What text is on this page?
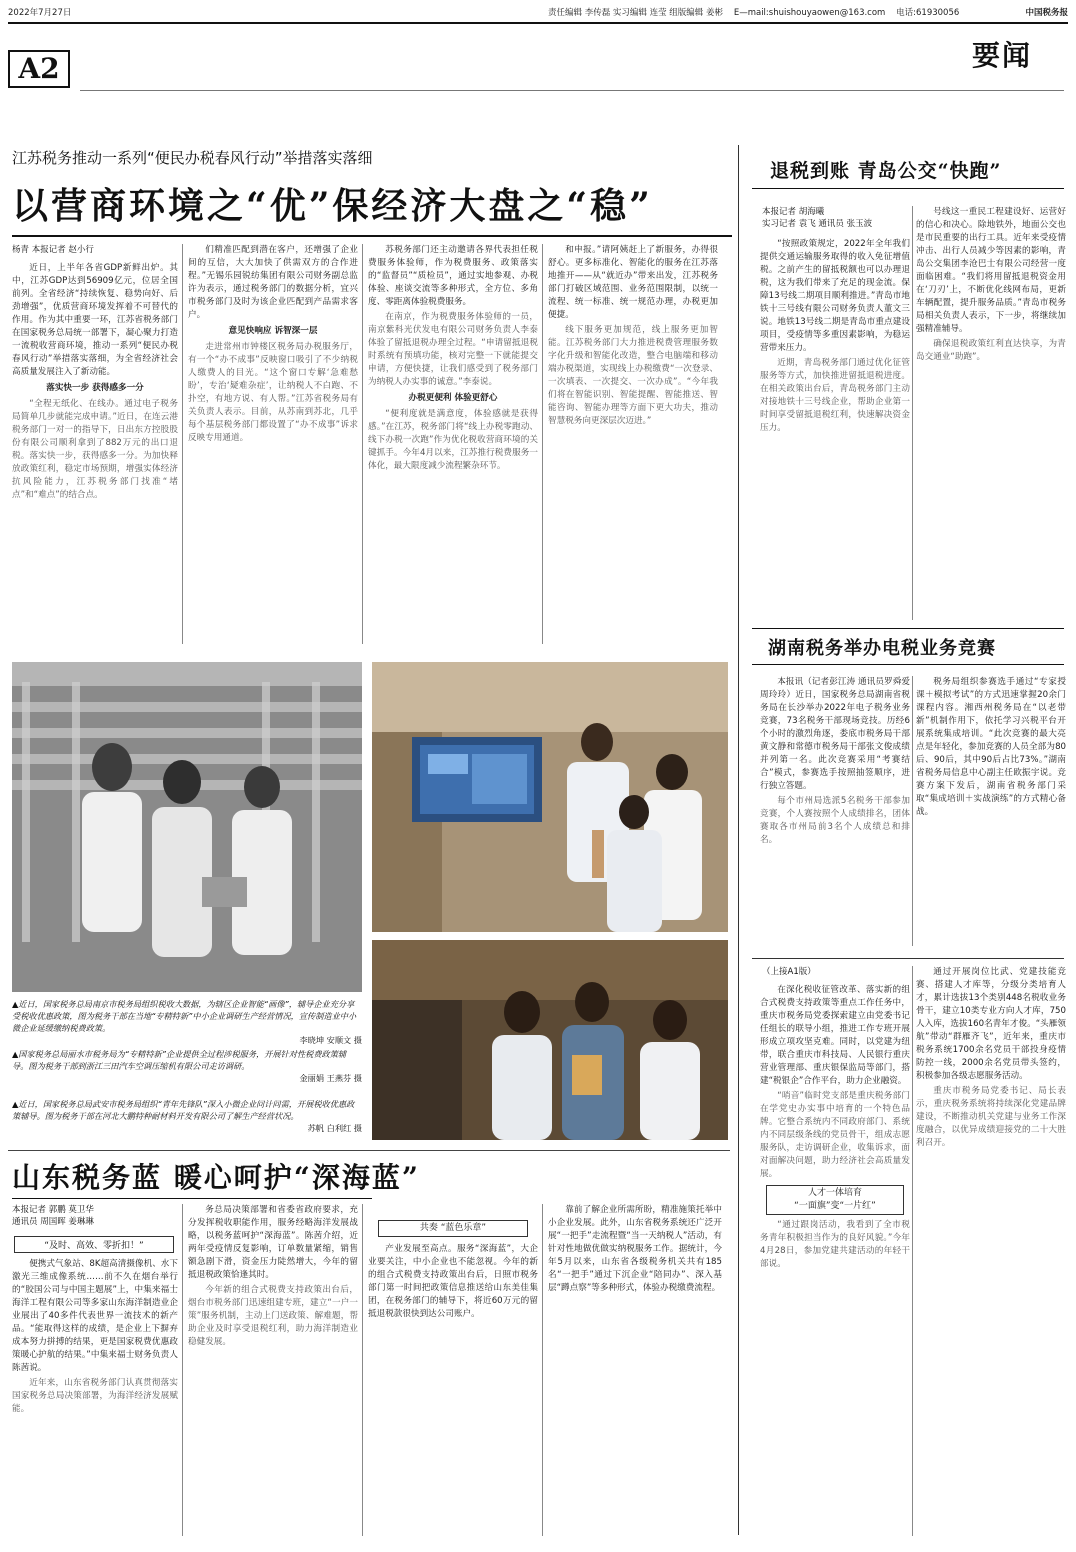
2022年7月27日	责任编辑 李传磊 实习编辑 连莹 组版编辑 姜彬 E—mail:shuishouyaowen@163.com 电话:61930056	中国税务报
A2	要闻
江苏税务推动一系列“便民办税春风行动”举措落实落细
以营商环境之“优”保经济大盘之“稳”
杨青 本报记者 赵小行

近日，上半年各省GDP新鲜出炉。其中，江苏GDP达到56909亿元，位居全国前列。全省经济“持续恢复、稳势向好、后劲增强”，优质营商环境发挥着不可替代的作用。作为其中重要一环，江苏省税务部门在国家税务总局统一部署下，凝心聚力打造一流税收营商环境，推动一系列“便民办税春风行动”举措落实落细，为全省经济社会高质量发展注入了新动能。

落实快一步 获得感多一分

“全程无纸化、在线办。通过电子税务局简单几步就能完成申请。”近日，在连云港税务部门一对一的指导下，日出东方控股股份有限公司顺利拿到了882万元的出口退税。落实快一步，获得感多一分。为加快释放政策红利，稳定市场预期，增强实体经济抗风险能力，江苏税务部门找准“堵点”和“难点”的结合点。

们精准匹配到潜在客户，还增强了企业间的互信，大大加快了供需双方的合作进程。”无锡乐园锐纺集团有限公司财务副总监许为表示，通过税务部门的数据分析，宜兴市税务部门及时为该企业匹配到产品需求客户。

意见快响应 诉智深一层

走进常州市钟楼区税务局办税服务厅，有一个“办不成事”反映窗口吸引了不少纳税人缴费人的目光。“这个窗口专解‘急难愁盼’，专治‘疑难杂症’，让纳税人不白跑、不扑空，有地方说、有人帮。”江苏省税务局有关负责人表示。目前，从苏南到苏北，几乎每个基层税务部门都设置了“办不成事”诉求反映专用通道。

苏税务部门还主动邀请各界代表担任税费服务体验师，作为税费服务、政策落实的“监督员”“质检员”，通过实地参观、办税体验、座谈交流等多种形式，全方位、多角度、零距离体验税费服务。

在南京，作为税费服务体验师的一员，南京紫科光伏发电有限公司财务负责人李泰体验了留抵退税办理全过程。“申请留抵退税时系统有预填功能，核对完整一下就能提交申请，方便快捷，让我们感受到了税务部门为纳税人办实事的诚意。”李泰说。

办税更便利 体验更舒心

“便利度就是满意度，体验感就是获得感。”在江苏，税务部门将“线上办税零跑动、线下办税一次跑”作为优化税收营商环境的关键抓手。今年4月以来，江苏推行税费服务一体化，最大限度减少流程繁杂环节。

和申报。”请阿姨赶上了新服务，办得很舒心。更多标准化、智能化的服务在江苏落地推开——从“就近办”带来出发，江苏税务部门打破区域范围、业务范围限制，以统一流程、统一标准、统一规范办理，办税更加便捷。

线下服务更加规范，线上服务更加智能。江苏税务部门大力推进税费管理服务数字化升级和智能化改造，整合电脑端和移动端办税渠道，实现线上办税缴费“一次登录、一次填表、一次提交、一次办成”。“今年我们将在智能识别、智能提醒、智能推送、智能咨询、智能办理等方面下更大功夫，推动智慧税务向更深层次迈进。”

▲近日，国家税务总局南京市税务局组织税收大数据，为辖区企业智能“画像”，辅导企业充分享受税收优惠政策，图为税务干部在当地“专精特新”中小企业调研生产经营情况，宣传制造业中小微企业延缓缴纳税费政策。
李晓坤 安顺文 摄
▲国家税务总局丽水市税务局为“专精特新”企业提供全过程涉税服务，开展针对性税费政策辅导。图为税务干部到浙江三田汽车空调压缩机有限公司走访调研。
金丽娟 王燕芬 摄
▲近日，国家税务总局武安市税务局组织“青年先锋队”深入小微企业问计问需，开展税收优惠政策辅导。图为税务干部在河北大鹏特种耐材料开发有限公司了解生产经营状况。
苏帆 白利红 摄
退税到账 青岛公交“快跑”
本报记者 胡海曦
实习记者 袁飞 通讯员 张玉波

“按照政策规定，2022年全年我们提供交通运输服务取得的收入免征增值税。之前产生的留抵税额也可以办理退税，这为我们带来了充足的现金流。保障13号线二期项目顺利推进。”青岛市地铁十三号线有限公司财务负责人董文三说。地铁13号线二期是青岛市重点建设项目，受疫情等多重因素影响，为稳运营带来压力。

近期，青岛税务部门通过优化征管服务等方式，加快推进留抵退税进度。在相关政策出台后，青岛税务部门主动对接地铁十三号线企业，帮助企业第一时间享受留抵退税红利，快速解决资金压力。

号线这一重民工程建设好、运营好的信心和决心。除地铁外，地面公交也是市民重要的出行工具。近年来受疫情冲击、出行人员减少等因素的影响，青岛公交集团李沧巴士有限公司经营一度面临困难。“我们将用留抵退税资金用在‘刀刃’上，不断优化线网布局，更新车辆配置，提升服务品质。”青岛市税务局相关负责人表示，下一步，将继续加强精准辅导。

确保退税政策红利直达快享，为青岛交通业“助跑”。

湖南税务举办电税业务竞赛

本报讯（记者彭江涛 通讯员罗舜爱 周玲玲）近日，国家税务总局湖南省税务局在长沙举办2022年电子税务业务竞赛，73名税务干部现场竞技。历经6个小时的激烈角逐，娄底市税务局干部黄文静和常德市税务局干部张文俊成绩并列第一名。此次竞赛采用“考赛结合”模式，参赛选手按照抽签顺序，进行独立答题。

每个市州局选派5名税务干部参加竞赛，个人赛按照个人成绩排名，团体赛取各市州局前3名个人成绩总和排名。

税务局组织参赛选手通过“专家授课＋模拟考试”的方式迅速掌握20余门课程内容。湘西州税务局在“以老带新”机制作用下，依托学习兴税平台开展系统集成培训。“此次竞赛的最大亮点是年轻化，参加竞赛的人员全部为80后、90后，其中90后占比73%。”湖南省税务局信息中心副主任欧振宇说。竞赛方案下发后，湖南省税务部门采取“集成培训＋实战演练”的方式精心备战。

（上接A1版）

在深化税收征管改革、落实新的组合式税费支持政策等重点工作任务中，重庆市税务局党委探索建立由党委书记任组长的联导小组，推进工作专班开展形成立项攻坚克难。同时，以党建为纽带，联合重庆市科技局、人民银行重庆营业管理部、重庆银保监局等部门，搭建“税银企”合作平台，助力企业融资。

“哨音”临时党支部是重庆税务部门在学党史办实事中培育的一个特色品牌。它整合系统内不同政府部门、系统内不同层级条线的党员骨干，组成志愿服务队，走访调研企业，收集诉求，面对面解决问题，助力经济社会高质量发展。

人才一体培育
“一面旗”变“一片红”

“通过跟岗活动，我看到了全市税务青年积极担当作为的良好风貌。”今年4月28日，参加党建共建活动的年轻干部说。

通过开展岗位比武、党建技能竞赛、搭建人才库等，分级分类培育人才，累计选拔13个类别448名税收业务骨干，建立10类专业方向人才库，750人入库，选拔160名青年才俊。“头雁领航”带动“群雁齐飞”，近年来，重庆市税务系统1700余名党员干部投身疫情防控一线，2000余名党员带头签约，积极参加各级志愿服务活动。

重庆市税务局党委书记、局长表示，重庆税务系统将持续深化党建品牌建设，不断推动机关党建与业务工作深度融合，以优异成绩迎接党的二十大胜利召开。

山东税务蓝 暖心呵护“深海蓝”
本报记者 郭鹏 莫卫华
通讯员 周国晖 姜琳琳
“及时、高效、零折扣！”

便携式气象站、8K超高清摄像机、水下激光三维成像系统……前不久在烟台举行的“胶国公司与中国主题展”上，中集来福士海洋工程有限公司等多家山东海洋制造业企业展出了40多件代表世界一流技术的新产品。“能取得这样的成绩，是企业上下摒弃成本努力拼搏的结果，更是国家税费优惠政策暖心护航的结果。”中集来福士财务负责人陈茜说。

近年来，山东省税务部门认真贯彻落实国家税务总局决策部署，为海洋经济发展赋能。

务总局决策部署和省委省政府要求，充分发挥税收职能作用，服务经略海洋发展战略，以税务蓝呵护“深海蓝”。陈茜介绍，近两年受疫情反复影响，订单数量紧缩，销售额急剧下滑，资金压力陡然增大，今年的留抵退税政策恰逢其时。

今年新的组合式税费支持政策出台后，烟台市税务部门迅速组建专班，建立“一户一策”服务机制，主动上门送政策、解难题，帮助企业及时享受退税红利，助力海洋制造业稳健发展。

共奏 “蓝色乐章”

产业发展至高点。服务“深海蓝”，大企业要关注，中小企业也不能忽视。今年的新的组合式税费支持政策出台后，日照市税务部门第一时间把政策信息推送给山东美佳集团，在税务部门的辅导下，将近60万元的留抵退税款很快到达公司账户。

靠前了解企业所需所盼，精准施策托举中小企业发展。此外，山东省税务系统还广泛开展“一把手”走流程暨“当一天纳税人”活动，有针对性地做优做实纳税服务工作。据统计，今年5月以来，山东省各级税务机关共有185名“一把手”通过下沉企业“陪同办”、深入基层“蹲点察”等多种形式，体验办税缴费流程。
